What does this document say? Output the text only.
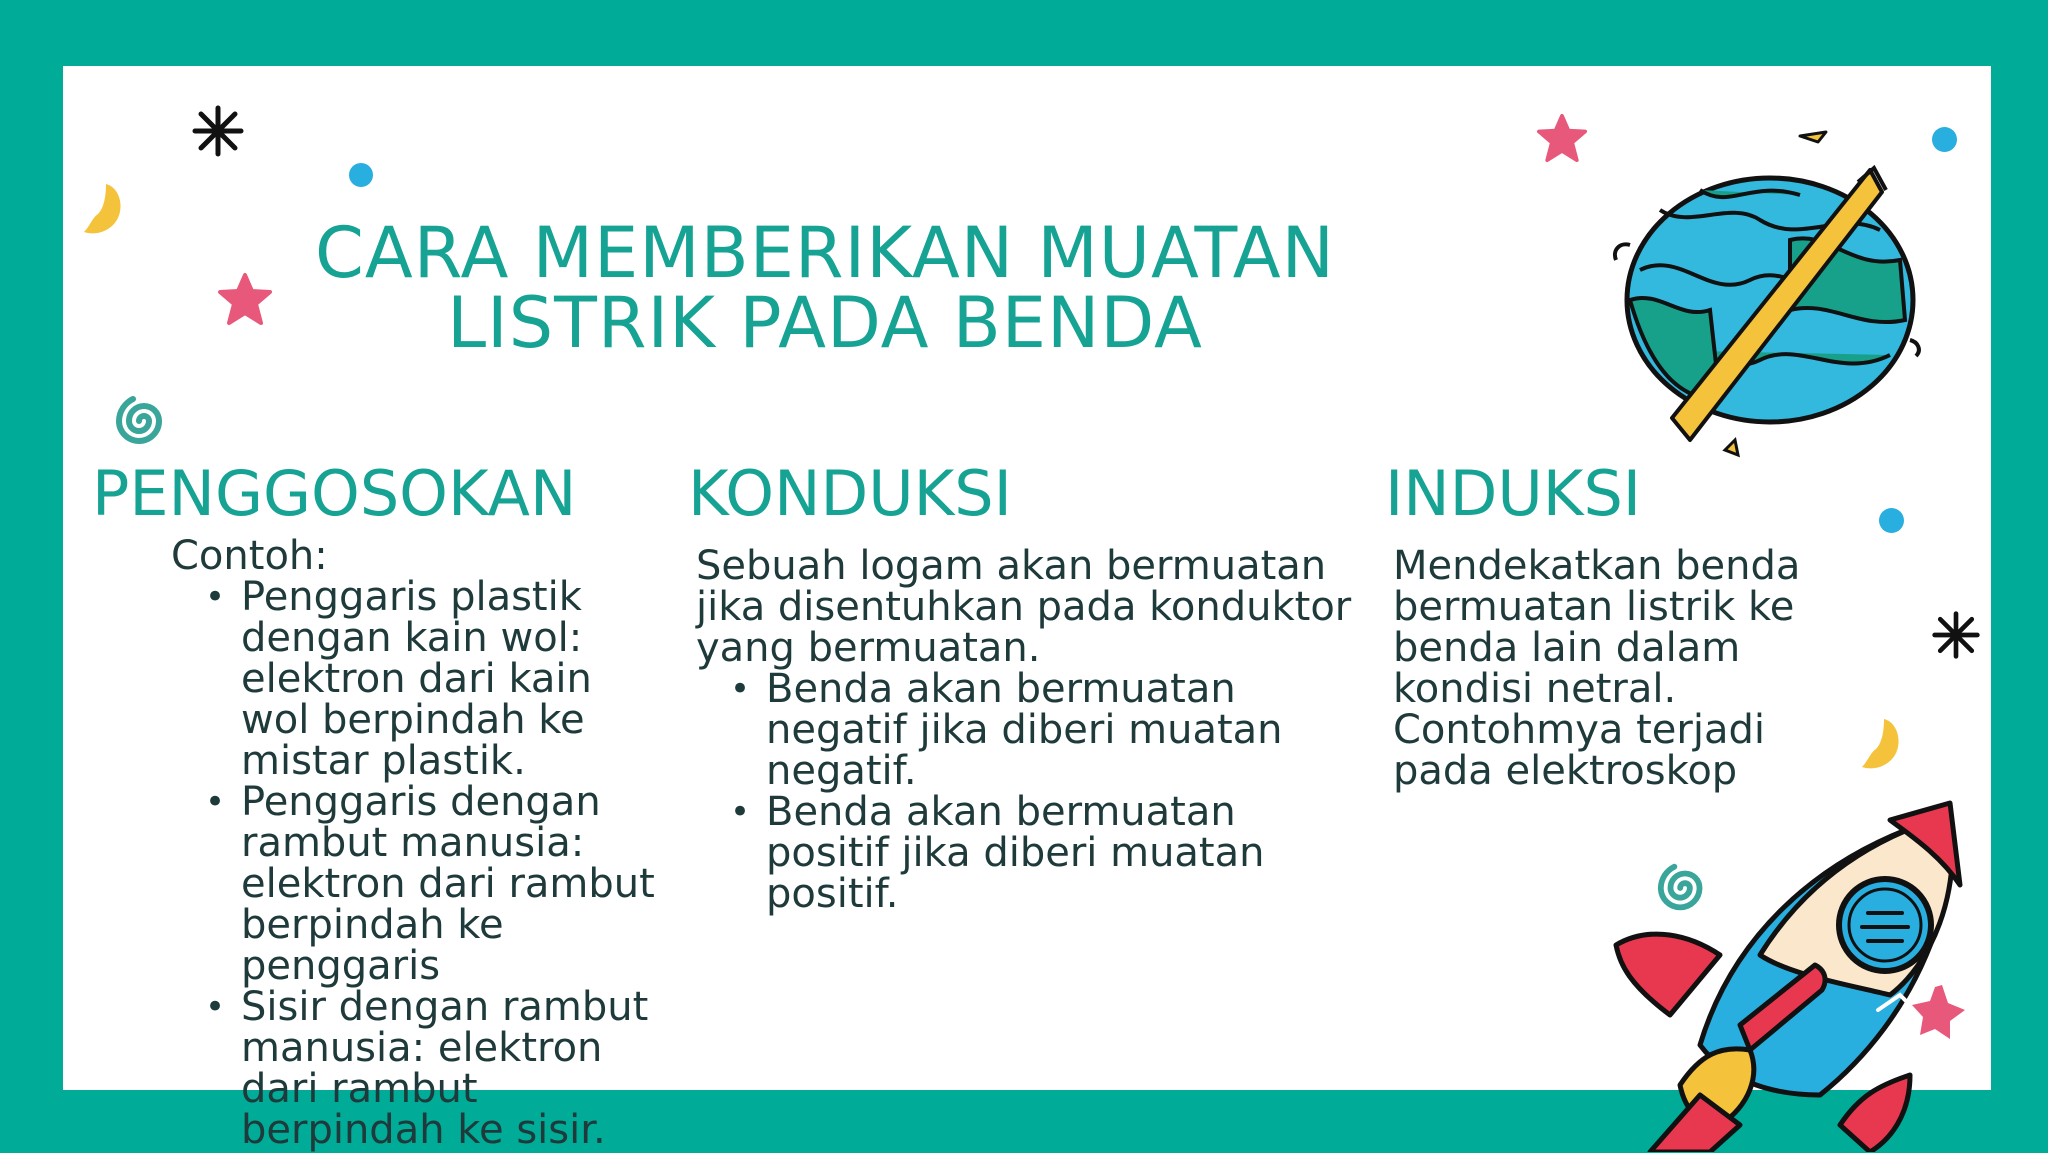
CARA MEMBERIKAN MUATAN LISTRIK PADA BENDA
PENGGOSOKAN

Contoh:

• Penggaris plastik dengan kain wol: elektron dari kain wol berpindah ke mistar plastik.
• Penggaris dengan rambut manusia: elektron dari rambut berpindah ke penggaris
• Sisir dengan rambut manusia: elektron dari rambut berpindah ke sisir.
KONDUKSI

Sebuah logam akan bermuatan jika disentuhkan pada konduktor yang bermuatan.

• Benda akan bermuatan negatif jika diberi muatan negatif.
• Benda akan bermuatan positif jika diberi muatan positif.
INDUKSI

Mendekatkan benda bermuatan listrik ke benda lain dalam kondisi netral. Contohmya terjadi pada elektroskop
